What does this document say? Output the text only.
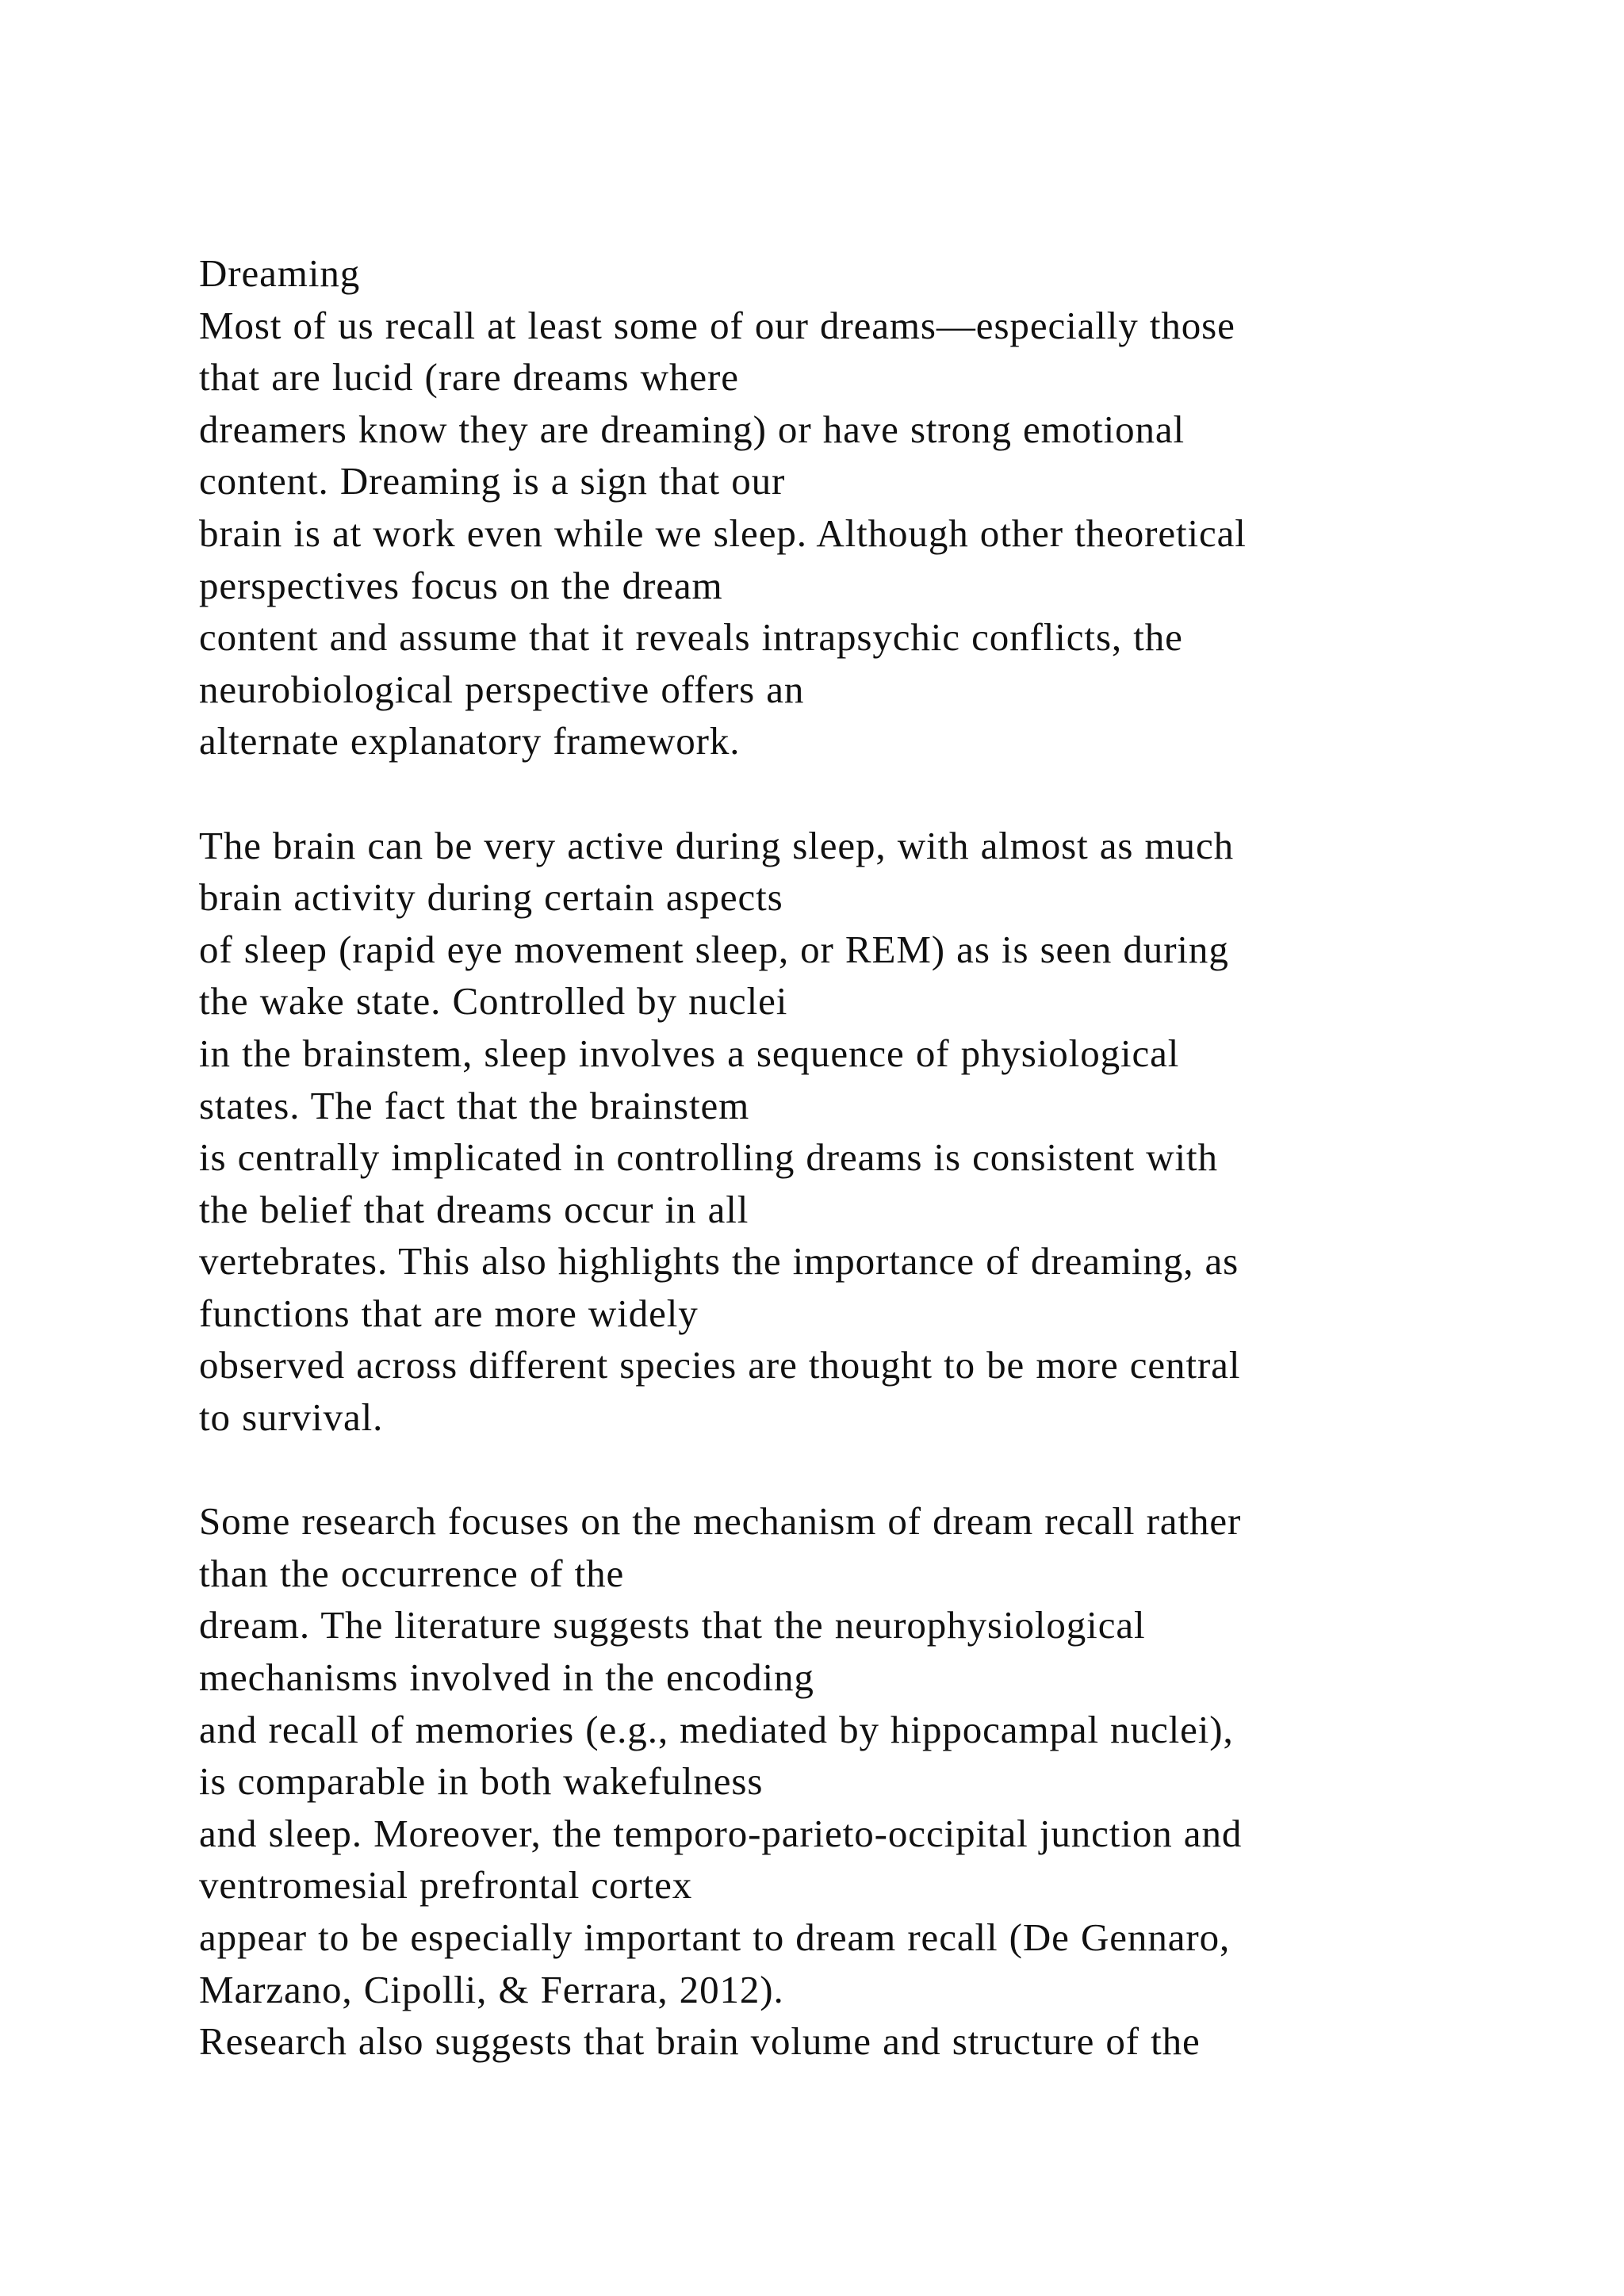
Dreaming
Most of us recall at least some of our dreams—especially those
that are lucid (rare dreams where
dreamers know they are dreaming) or have strong emotional
content. Dreaming is a sign that our
brain is at work even while we sleep. Although other theoretical
perspectives focus on the dream
content and assume that it reveals intrapsychic conflicts, the
neurobiological perspective offers an
alternate explanatory framework.
The brain can be very active during sleep, with almost as much
brain activity during certain aspects
of sleep (rapid eye movement sleep, or REM) as is seen during
the wake state. Controlled by nuclei
in the brainstem, sleep involves a sequence of physiological
states. The fact that the brainstem
is centrally implicated in controlling dreams is consistent with
the belief that dreams occur in all
vertebrates. This also highlights the importance of dreaming, as
functions that are more widely
observed across different species are thought to be more central
to survival.
Some research focuses on the mechanism of dream recall rather
than the occurrence of the
dream. The literature suggests that the neurophysiological
mechanisms involved in the encoding
and recall of memories (e.g., mediated by hippocampal nuclei),
is comparable in both wakefulness
and sleep. Moreover, the temporo-parieto-occipital junction and
ventromesial prefrontal cortex
appear to be especially important to dream recall (De Gennaro,
Marzano, Cipolli, & Ferrara, 2012).
Research also suggests that brain volume and structure of the
